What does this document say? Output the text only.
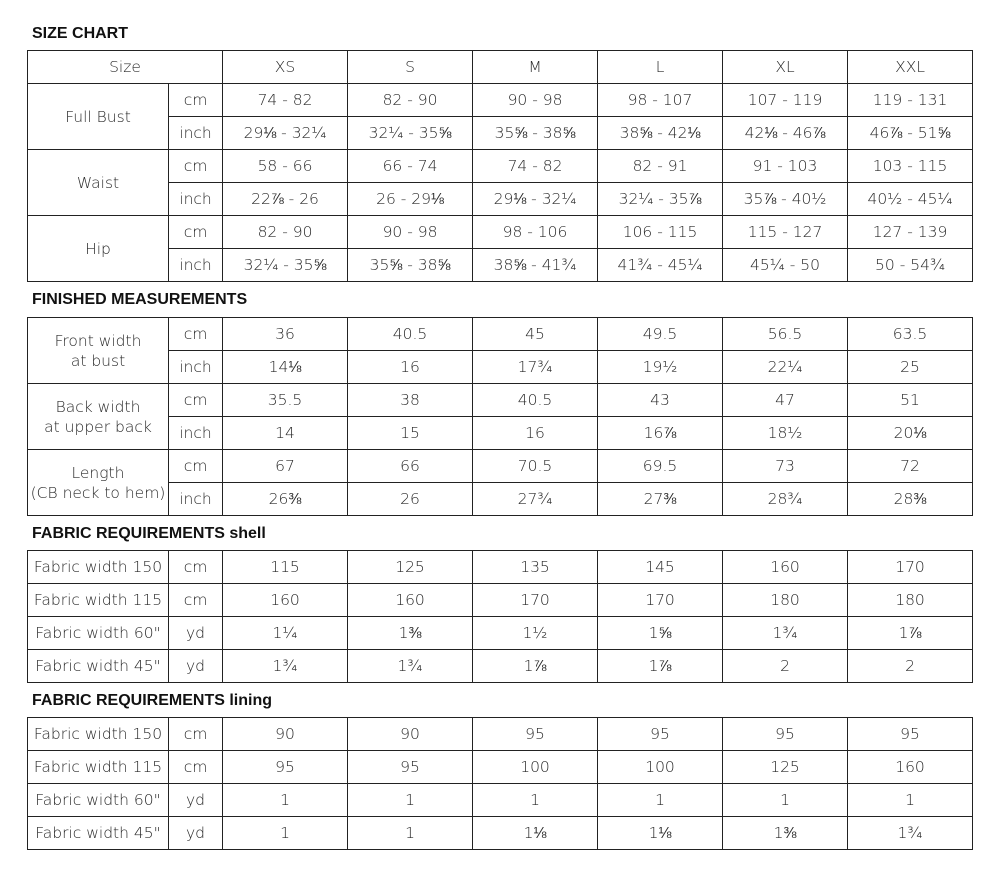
SIZE CHART
Size		XS	S	M	L	XL	XXL
Full Bust	cm	74 - 82	82 - 90	90 - 98	98 - 107	107 - 119	119 - 131
	inch	29⅛ - 32¼	32¼ - 35⅝	35⅝ - 38⅝	38⅝ - 42⅛	42⅛ - 46⅞	46⅞ - 51⅝
Waist	cm	58 - 66	66 - 74	74 - 82	82 - 91	91 - 103	103 - 115
	inch	22⅞ - 26	26 - 29⅛	29⅛ - 32¼	32¼ - 35⅞	35⅞ - 40½	40½ - 45¼
Hip	cm	82 - 90	90 - 98	98 - 106	106 - 115	115 - 127	127 - 139
	inch	32¼ - 35⅝	35⅝ - 38⅝	38⅝ - 41¾	41¾ - 45¼	45¼ - 50	50 - 54¾
FINISHED MEASUREMENTS
Front width
at bust	cm	36	40.5	45	49.5	56.5	63.5
	inch	14⅛	16	17¾	19½	22¼	25

Back width
at upper back	cm	35.5	38	40.5	43	47	51
	inch	14	15	16	16⅞	18½	20⅛

Length
(CB neck to hem)	cm	67	66	70.5	69.5	73	72
	inch	26⅜	26	27¾	27⅜	28¾	28⅜
FABRIC REQUIREMENTS shell
Fabric width 150	cm	115	125	135	145	160	170
Fabric width 115	cm	160	160	170	170	180	180
Fabric width 60"	yd	1¼	1⅜	1½	1⅝	1¾	1⅞
Fabric width 45"	yd	1¾	1¾	1⅞	1⅞	2	2
FABRIC REQUIREMENTS lining
Fabric width 150	cm	90	90	95	95	95	95
Fabric width 115	cm	95	95	100	100	125	160
Fabric width 60"	yd	1	1	1	1	1	1
Fabric width 45"	yd	1	1	1⅛	1⅛	1⅜	1¾
